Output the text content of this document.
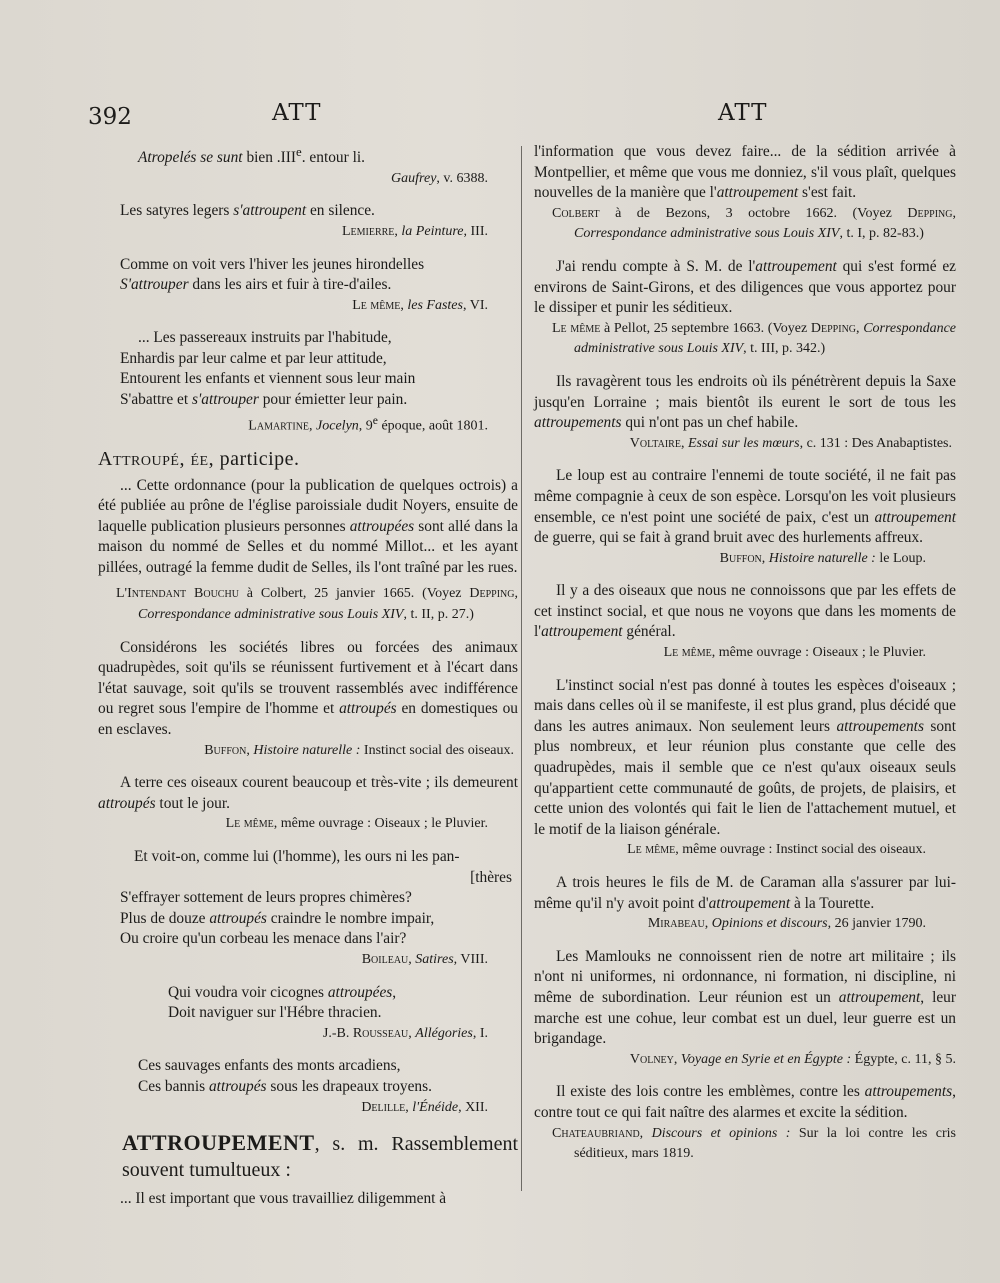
392	ATT	ATT

Atropelés se sunt bien .IIIe. entour li.

Gaufrey, v. 6388.

Les satyres legers s'attroupent en silence.

Lemierre, la Peinture, III.

Comme on voit vers l'hiver les jeunes hirondelles

S'attrouper dans les airs et fuir à tire-d'ailes.

Le même, les Fastes, VI.

... Les passereaux instruits par l'habitude,

Enhardis par leur calme et par leur attitude,

Entourent les enfants et viennent sous leur main

S'abattre et s'attrouper pour émietter leur pain.

Lamartine, Jocelyn, 9e époque, août 1801.

Attroupé, ée, participe.

... Cette ordonnance (pour la publication de quelques octrois) a été publiée au prône de l'église paroissiale dudit Noyers, ensuite de laquelle publication plusieurs personnes attroupées sont allé dans la maison du nommé de Selles et du nommé Millot... et les ayant pillées, outragé la femme dudit de Selles, ils l'ont traîné par les rues.

L'Intendant Bouchu à Colbert, 25 janvier 1665. (Voyez Depping, Correspondance administrative sous Louis XIV, t. II, p. 27.)

Considérons les sociétés libres ou forcées des animaux quadrupèdes, soit qu'ils se réunissent furtivement et à l'écart dans l'état sauvage, soit qu'ils se trouvent rassemblés avec indifférence ou regret sous l'empire de l'homme et attroupés en domestiques ou en esclaves.

Buffon, Histoire naturelle : Instinct social des oiseaux.

A terre ces oiseaux courent beaucoup et très-vite ; ils demeurent attroupés tout le jour.

Le même, même ouvrage : Oiseaux ; le Pluvier.

Et voit-on, comme lui (l'homme), les ours ni les pan-

[thères

S'effrayer sottement de leurs propres chimères?

Plus de douze attroupés craindre le nombre impair,

Ou croire qu'un corbeau les menace dans l'air?

Boileau, Satires, VIII.

Qui voudra voir cicognes attroupées,

Doit naviguer sur l'Hébre thracien.

J.-B. Rousseau, Allégories, I.

Ces sauvages enfants des monts arcadiens,

Ces bannis attroupés sous les drapeaux troyens.

Delille, l'Énéide, XII.

ATTROUPEMENT, s. m. Rassemblement souvent tumultueux :

... Il est important que vous travailliez diligemment à

l'information que vous devez faire... de la sédition arrivée à Montpellier, et même que vous me donniez, s'il vous plaît, quelques nouvelles de la manière que l'attroupement s'est fait.

Colbert à de Bezons, 3 octobre 1662. (Voyez Depping, Correspondance administrative sous Louis XIV, t. I, p. 82-83.)

J'ai rendu compte à S. M. de l'attroupement qui s'est formé ez environs de Saint-Girons, et des diligences que vous apportez pour le dissiper et punir les séditieux.

Le même à Pellot, 25 septembre 1663. (Voyez Depping, Correspondance administrative sous Louis XIV, t. III, p. 342.)

Ils ravagèrent tous les endroits où ils pénétrèrent depuis la Saxe jusqu'en Lorraine ; mais bientôt ils eurent le sort de tous les attroupements qui n'ont pas un chef habile.

Voltaire, Essai sur les mœurs, c. 131 : Des Anabaptistes.

Le loup est au contraire l'ennemi de toute société, il ne fait pas même compagnie à ceux de son espèce. Lorsqu'on les voit plusieurs ensemble, ce n'est point une société de paix, c'est un attroupement de guerre, qui se fait à grand bruit avec des hurlements affreux.

Buffon, Histoire naturelle : le Loup.

Il y a des oiseaux que nous ne connoissons que par les effets de cet instinct social, et que nous ne voyons que dans les moments de l'attroupement général.

Le même, même ouvrage : Oiseaux ; le Pluvier.

L'instinct social n'est pas donné à toutes les espèces d'oiseaux ; mais dans celles où il se manifeste, il est plus grand, plus décidé que dans les autres animaux. Non seulement leurs attroupements sont plus nombreux, et leur réunion plus constante que celle des quadrupèdes, mais il semble que ce n'est qu'aux oiseaux seuls qu'appartient cette communauté de goûts, de projets, de plaisirs, et cette union des volontés qui fait le lien de l'attachement mutuel, et le motif de la liaison générale.

Le même, même ouvrage : Instinct social des oiseaux.

A trois heures le fils de M. de Caraman alla s'assurer par lui-même qu'il n'y avoit point d'attroupement à la Tourette.

Mirabeau, Opinions et discours, 26 janvier 1790.

Les Mamlouks ne connoissent rien de notre art militaire ; ils n'ont ni uniformes, ni ordonnance, ni formation, ni discipline, ni même de subordination. Leur réunion est un attroupement, leur marche est une cohue, leur combat est un duel, leur guerre est un brigandage.

Volney, Voyage en Syrie et en Égypte : Égypte, c. 11, § 5.

Il existe des lois contre les emblèmes, contre les attroupements, contre tout ce qui fait naître des alarmes et excite la sédition.

Chateaubriand, Discours et opinions : Sur la loi contre les cris séditieux, mars 1819.
